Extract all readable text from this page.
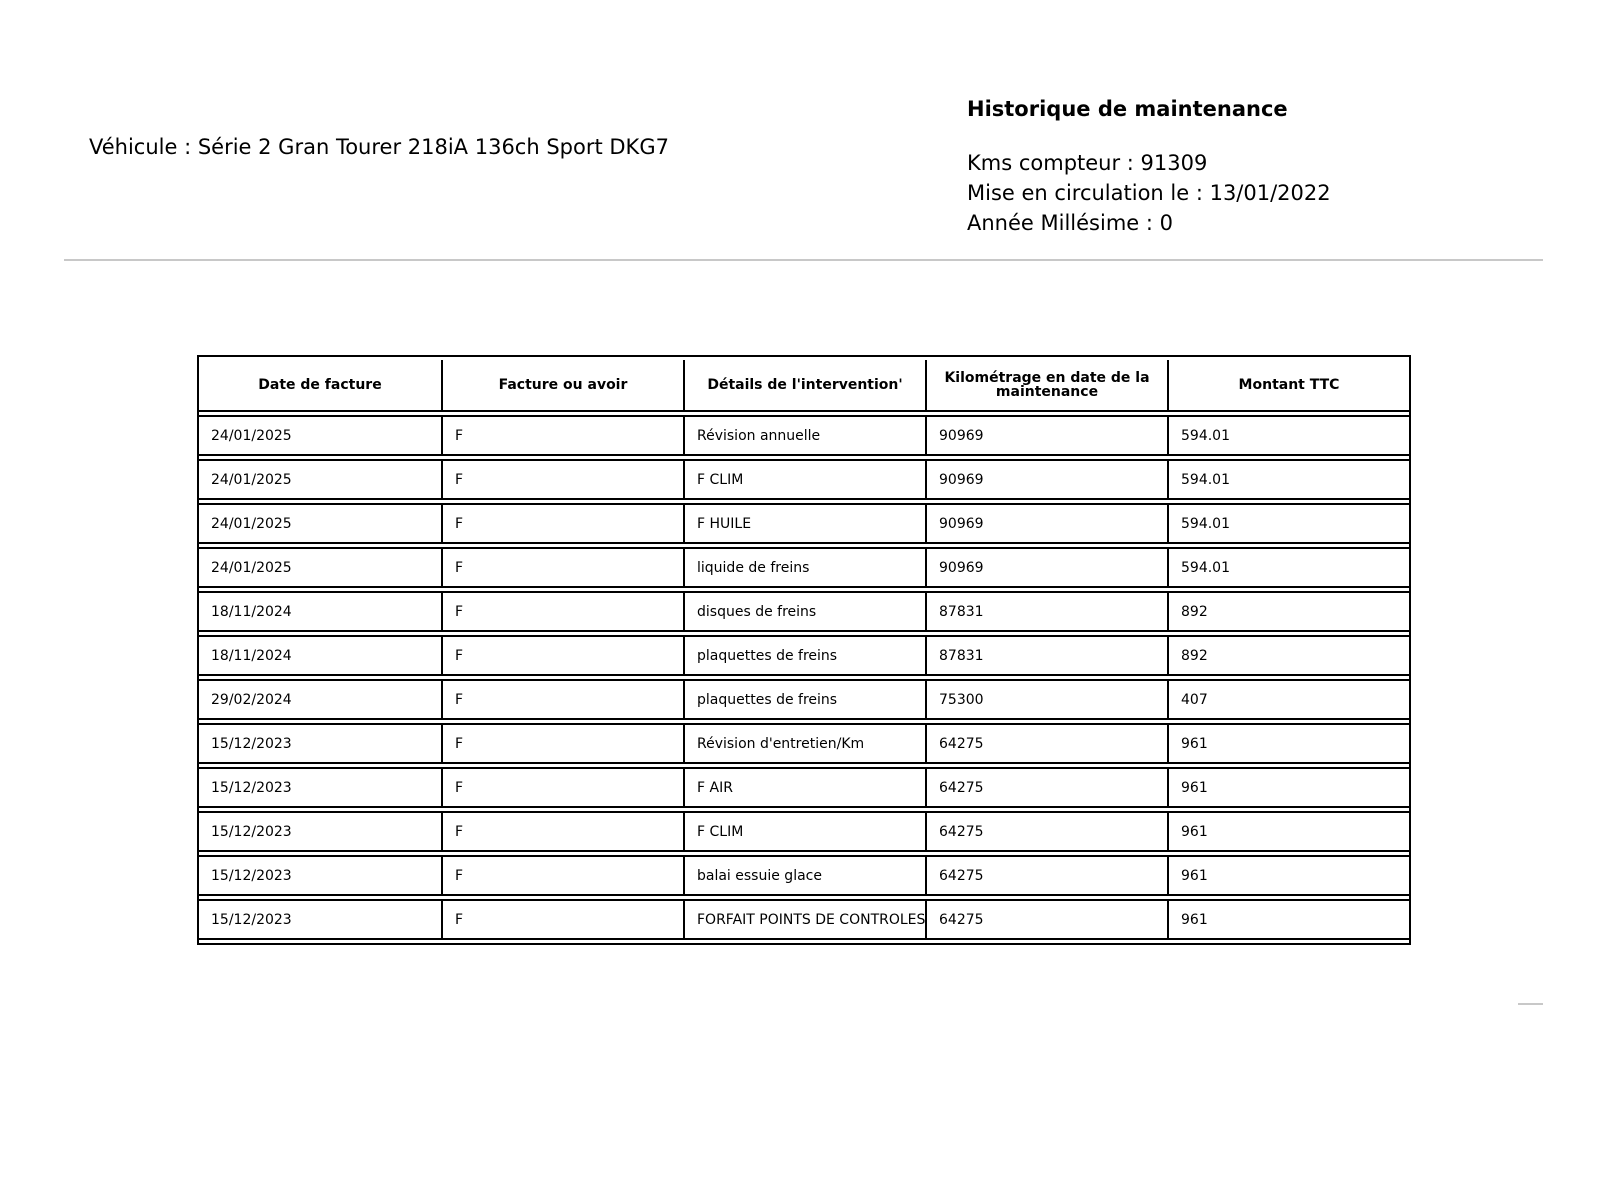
Véhicule : Série 2 Gran Tourer 218iA 136ch Sport DKG7
Historique de maintenance
Kms compteur : 91309
Mise en circulation le : 13/01/2022
Année Millésime : 0
Date de facture	Facture ou avoir	Détails de l'intervention'	Kilométrage en date de la maintenance	Montant TTC
24/01/2025	F	Révision annuelle	90969	594.01
24/01/2025	F	F CLIM	90969	594.01
24/01/2025	F	F HUILE	90969	594.01
24/01/2025	F	liquide de freins	90969	594.01
18/11/2024	F	disques de freins	87831	892
18/11/2024	F	plaquettes de freins	87831	892
29/02/2024	F	plaquettes de freins	75300	407
15/12/2023	F	Révision d'entretien/Km	64275	961
15/12/2023	F	F AIR	64275	961
15/12/2023	F	F CLIM	64275	961
15/12/2023	F	balai essuie glace	64275	961
15/12/2023	F	FORFAIT POINTS DE CONTROLES	64275	961
